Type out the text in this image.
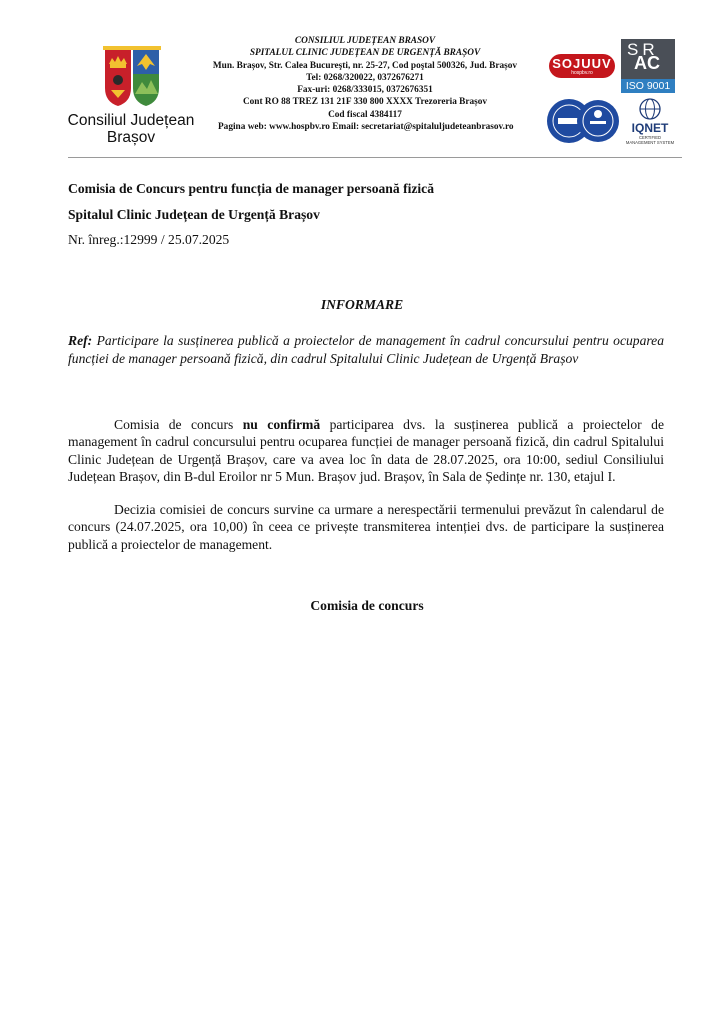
Consiliul Județean
Brașov
CONSILIUL JUDEȚEAN BRASOV
SPITALUL CLINIC JUDEȚEAN DE URGENȚĂ BRAȘOV
Mun. Brașov, Str. Calea Bucureşti, nr. 25-27, Cod poştal 500326, Jud. Brașov
Tel: 0268/320022, 0372676271
Fax-uri: 0268/333015, 0372676351
Cont RO 88 TREZ 131 21F 330 800 XXXX Trezoreria Brașov
Cod fiscal 4384117
Pagina web: www.hospbv.ro Email: secretariat@spitaluljudeteanbrasov.ro
SOJUUV
hospbv.ro
SR
AC
ISO 9001
IQNET
CERTIFIED MANAGEMENT SYSTEM
Comisia de Concurs pentru funcția de manager persoană fizică
Spitalul Clinic Județean de Urgență Brașov
Nr. înreg.:12999 / 25.07.2025
INFORMARE
Ref: Participare la susținerea publică a proiectelor de management în cadrul concursului pentru ocuparea funcției de manager persoană fizică, din cadrul Spitalului Clinic Județean de Urgență Brașov
Comisia de concurs nu confirmă participarea dvs. la susținerea publică a proiectelor de management în cadrul concursului pentru ocuparea funcției de manager persoană fizică, din cadrul Spitalului Clinic Județean de Urgență Brașov, care va avea loc în data de 28.07.2025, ora 10:00, sediul Consiliului Județean Brașov, din B-dul Eroilor nr 5 Mun. Brașov jud. Brașov, în Sala de Ședințe nr. 130, etajul I.
Decizia comisiei de concurs survine ca urmare a nerespectării termenului prevăzut în calendarul de concurs (24.07.2025, ora 10,00) în ceea ce privește transmiterea intenției dvs. de participare la susținerea publică a proiectelor de management.
Comisia de concurs
